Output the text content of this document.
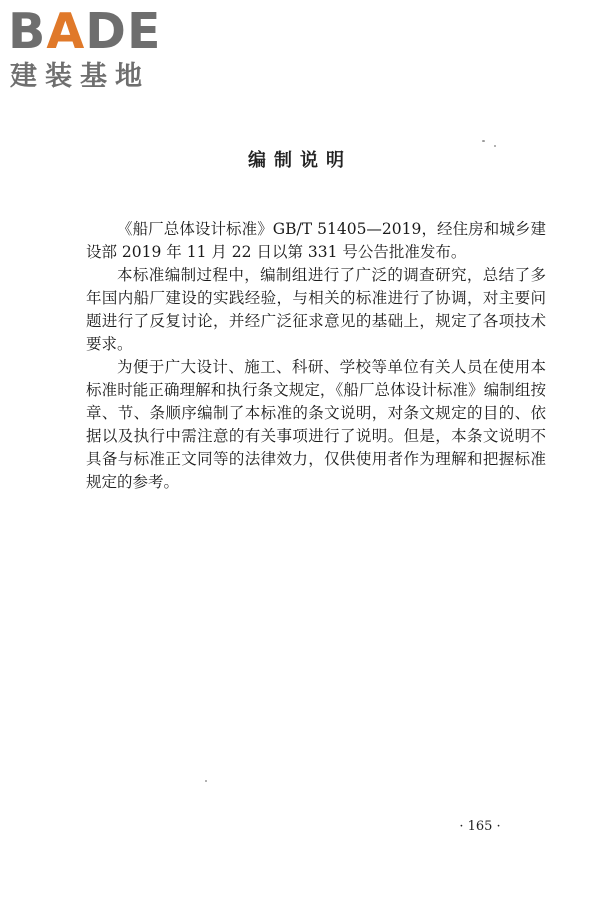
BADE
建装基地
编制说明

《船厂总体设计标准》GB/T 51405—2019，经住房和城乡建设部 2019 年 11 月 22 日以第 331 号公告批准发布。

本标准编制过程中，编制组进行了广泛的调查研究，总结了多年国内船厂建设的实践经验，与相关的标准进行了协调，对主要问题进行了反复讨论，并经广泛征求意见的基础上，规定了各项技术要求。

为便于广大设计、施工、科研、学校等单位有关人员在使用本标准时能正确理解和执行条文规定，《船厂总体设计标准》编制组按章、节、条顺序编制了本标准的条文说明，对条文规定的目的、依据以及执行中需注意的有关事项进行了说明。但是，本条文说明不具备与标准正文同等的法律效力，仅供使用者作为理解和把握标准规定的参考。

· 165 ·
